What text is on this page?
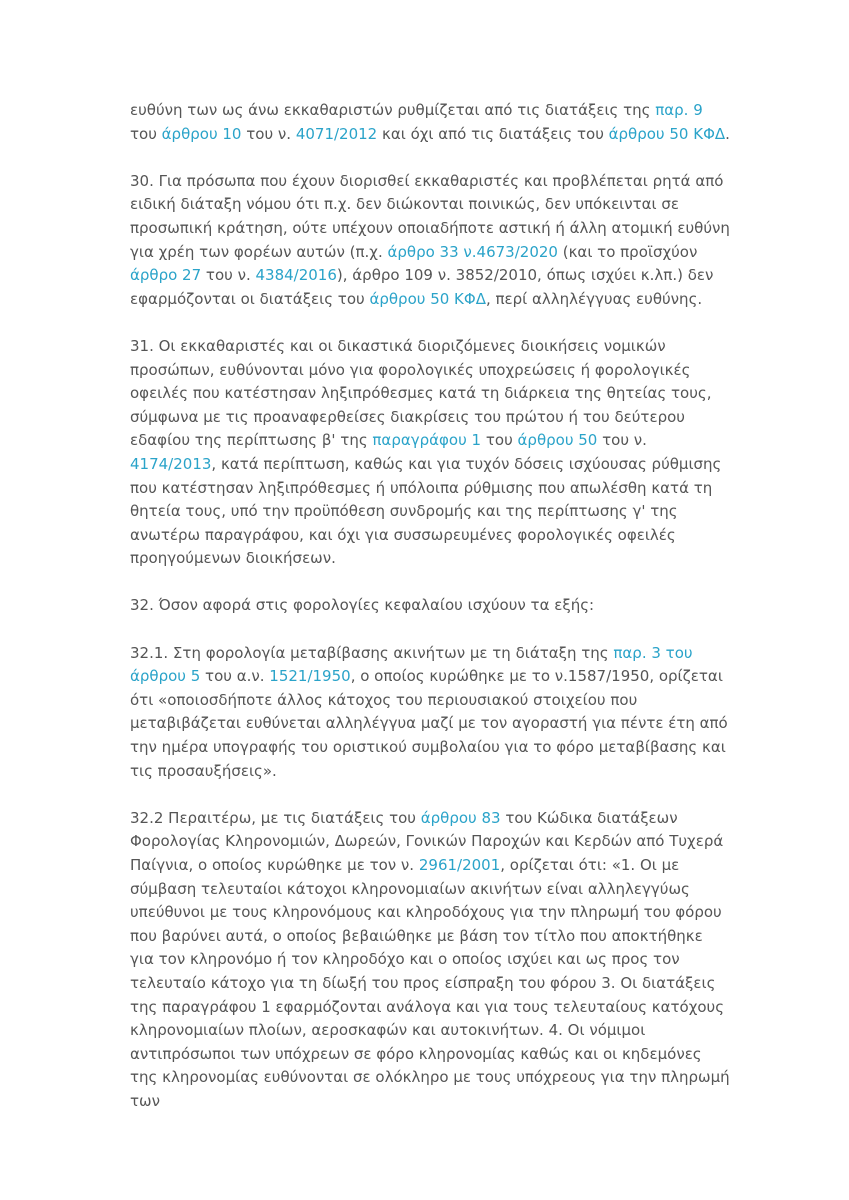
ευθύνη των ως άνω εκκαθαριστών ρυθμίζεται από τις διατάξεις της παρ. 9 του άρθρου 10 του ν. 4071/2012 και όχι από τις διατάξεις του άρθρου 50 ΚΦΔ.

30. Για πρόσωπα που έχουν διορισθεί εκκαθαριστές και προβλέπεται ρητά από ειδική διάταξη νόμου ότι π.χ. δεν διώκονται ποινικώς, δεν υπόκεινται σε προσωπική κράτηση, ούτε υπέχουν οποιαδήποτε αστική ή άλλη ατομική ευθύνη για χρέη των φορέων αυτών (π.χ. άρθρο 33 ν.4673/2020 (και το προϊσχύον άρθρο 27 του ν. 4384/2016), άρθρο 109 ν. 3852/2010, όπως ισχύει κ.λπ.) δεν εφαρμόζονται οι διατάξεις του άρθρου 50 ΚΦΔ, περί αλληλέγγυας ευθύνης.

31. Οι εκκαθαριστές και οι δικαστικά διοριζόμενες διοικήσεις νομικών προσώπων, ευθύνονται μόνο για φορολογικές υποχρεώσεις ή φορολογικές οφειλές που κατέστησαν ληξιπρόθεσμες κατά τη διάρκεια της θητείας τους, σύμφωνα με τις προαναφερθείσες διακρίσεις του πρώτου ή του δεύτερου εδαφίου της περίπτωσης β' της παραγράφου 1 του άρθρου 50 του ν. 4174/2013, κατά περίπτωση, καθώς και για τυχόν δόσεις ισχύουσας ρύθμισης που κατέστησαν ληξιπρόθεσμες ή υπόλοιπα ρύθμισης που απωλέσθη κατά τη θητεία τους, υπό την προϋπόθεση συνδρομής και της περίπτωσης γ' της ανωτέρω παραγράφου, και όχι για συσσωρευμένες φορολογικές οφειλές προηγούμενων διοικήσεων.

32. Όσον αφορά στις φορολογίες κεφαλαίου ισχύουν τα εξής:

32.1. Στη φορολογία μεταβίβασης ακινήτων με τη διάταξη της παρ. 3 του άρθρου 5 του α.ν. 1521/1950, ο οποίος κυρώθηκε με το ν.1587/1950, ορίζεται ότι «οποιοσδήποτε άλλος κάτοχος του περιουσιακού στοιχείου που μεταβιβάζεται ευθύνεται αλληλέγγυα μαζί με τον αγοραστή για πέντε έτη από την ημέρα υπογραφής του οριστικού συμβολαίου για το φόρο μεταβίβασης και τις προσαυξήσεις».

32.2 Περαιτέρω, με τις διατάξεις του άρθρου 83 του Κώδικα διατάξεων Φορολογίας Κληρονομιών, Δωρεών, Γονικών Παροχών και Κερδών από Τυχερά Παίγνια, ο οποίος κυρώθηκε με τον ν. 2961/2001, ορίζεται ότι: «1. Οι με σύμβαση τελευταίοι κάτοχοι κληρονομιαίων ακινήτων είναι αλληλεγγύως υπεύθυνοι με τους κληρονόμους και κληροδόχους για την πληρωμή του φόρου που βαρύνει αυτά, ο οποίος βεβαιώθηκε με βάση τον τίτλο που αποκτήθηκε για τον κληρονόμο ή τον κληροδόχο και ο οποίος ισχύει και ως προς τον τελευταίο κάτοχο για τη δίωξή του προς είσπραξη του φόρου 3. Οι διατάξεις της παραγράφου 1 εφαρμόζονται ανάλογα και για τους τελευταίους κατόχους κληρονομιαίων πλοίων, αεροσκαφών και αυτοκινήτων. 4. Οι νόμιμοι αντιπρόσωποι των υπόχρεων σε φόρο κληρονομίας καθώς και οι κηδεμόνες της κληρονομίας ευθύνονται σε ολόκληρο με τους υπόχρεους για την πληρωμή των
